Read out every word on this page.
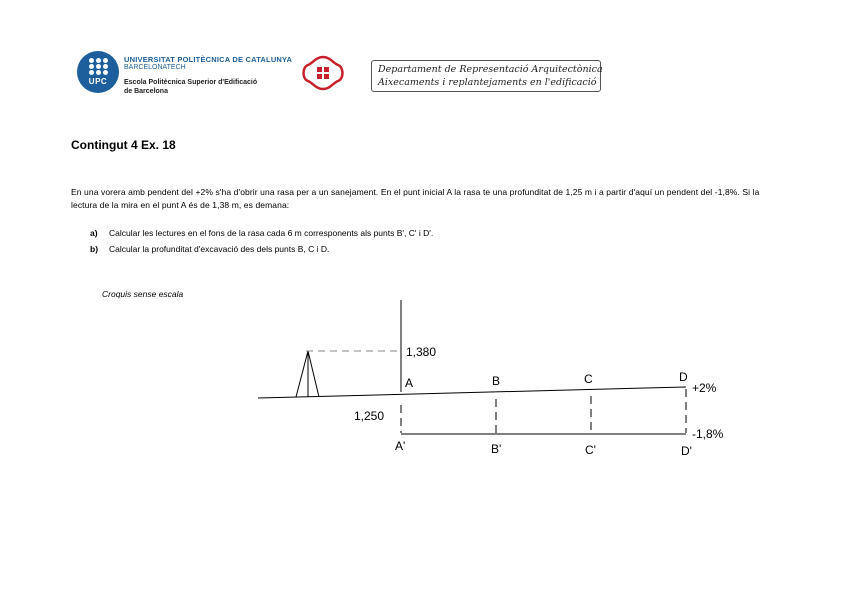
UPC
UNIVERSITAT POLITÈCNICA DE CATALUNYA
BARCELONATECH
Escola Politècnica Superior d'Edificació
de Barcelona
Departament de Representació Arquitectònica
Aixecaments i replantejaments en l'edificació
Contingut 4 Ex. 18
En una vorera amb pendent del +2% s'ha d'obrir una rasa per a un sanejament. En el punt inicial A la rasa te una profunditat de 1,25 m i a partir d'aquí un pendent del -1,8%. Si la lectura de la mira en el punt A és de 1,38 m, es demana:
a) Calcular les lectures en el fons de la rasa cada 6 m corresponents als punts B', C' i D'.
b) Calcular la profunditat d'excavació des dels punts B, C i D.
Croquis sense escala
1,380
1,250
A	B	C	D
A'	B'	C'	D'
+2%
-1,8%
